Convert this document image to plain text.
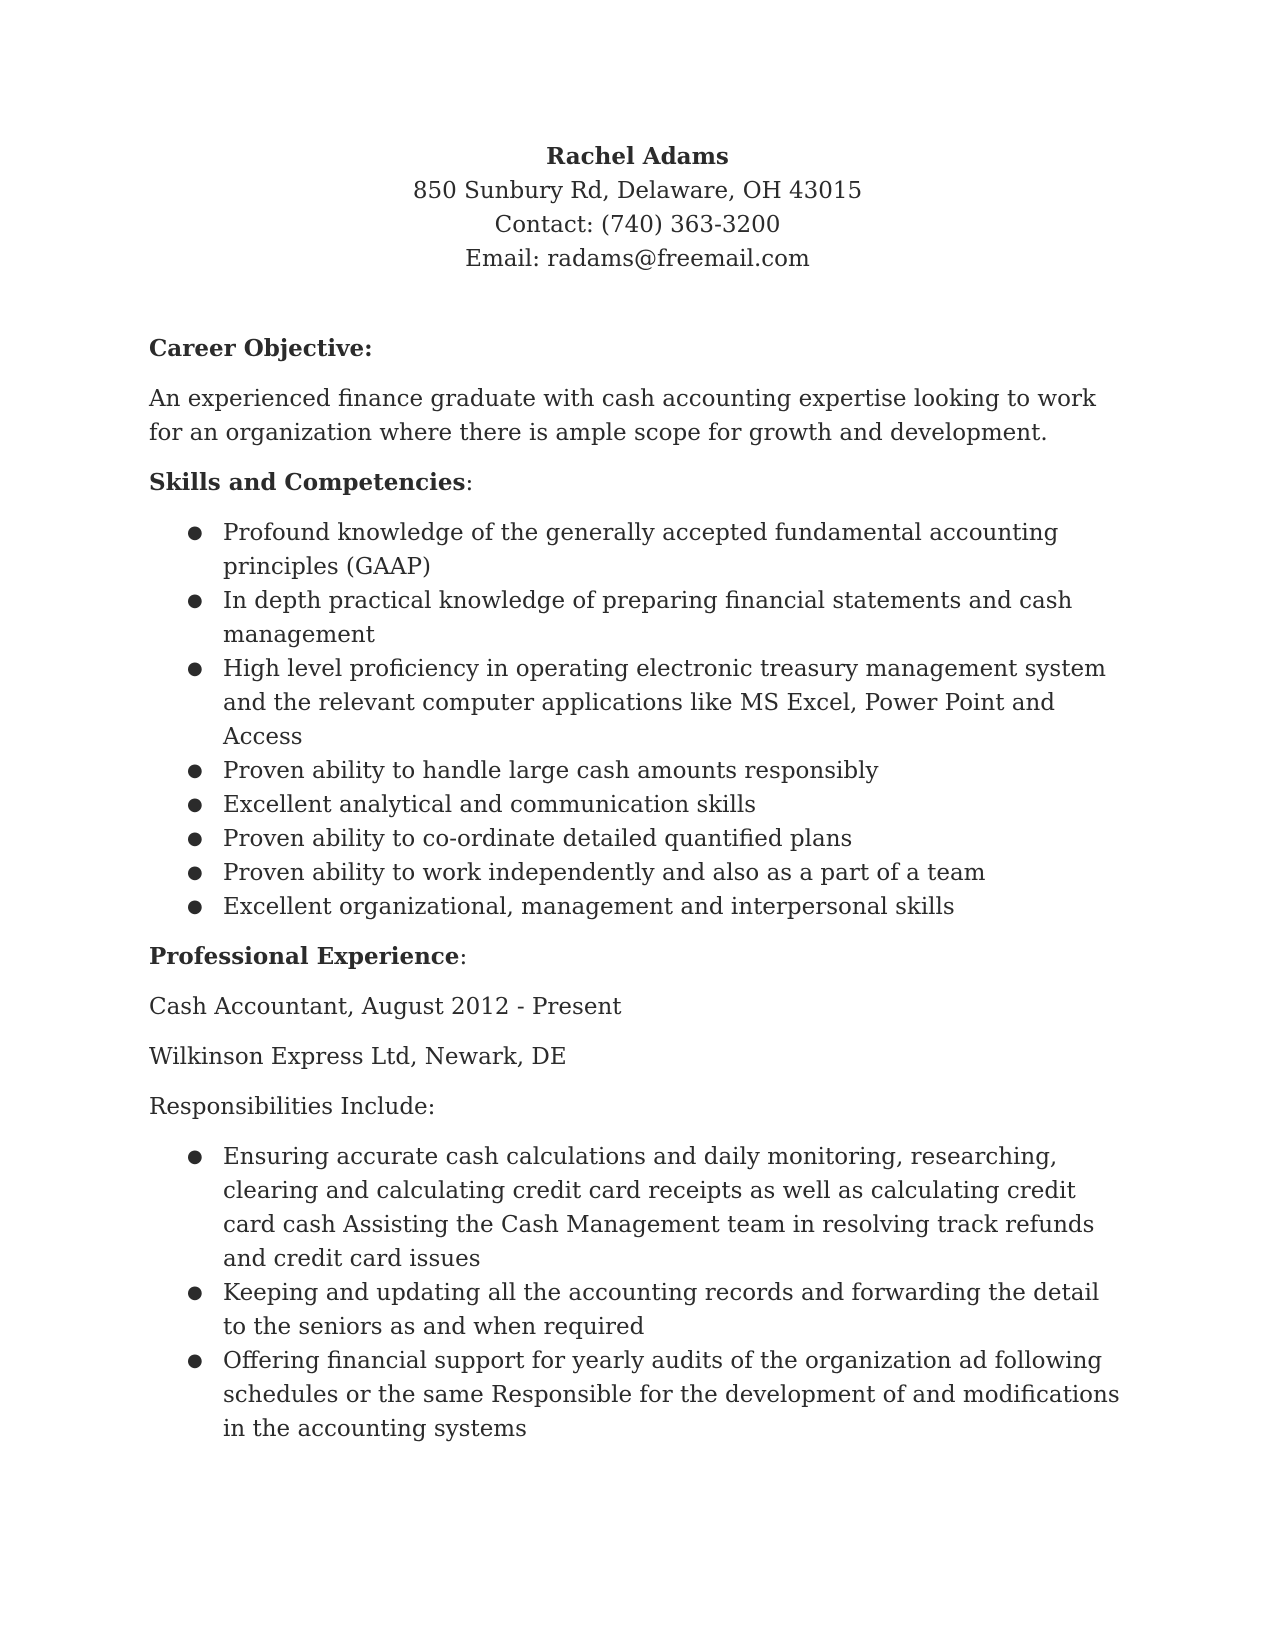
Rachel Adams
850 Sunbury Rd, Delaware, OH 43015
Contact: (740) 363-3200
Email: radams@freemail.com
Career Objective:

An experienced finance graduate with cash accounting expertise looking to work for an organization where there is ample scope for growth and development.

Skills and Competencies:
● Profound knowledge of the generally accepted fundamental accounting principles (GAAP)
● In depth practical knowledge of preparing financial statements and cash management
● High level proficiency in operating electronic treasury management system and the relevant computer applications like MS Excel, Power Point and Access
● Proven ability to handle large cash amounts responsibly
● Excellent analytical and communication skills
● Proven ability to co-ordinate detailed quantified plans
● Proven ability to work independently and also as a part of a team
● Excellent organizational, management and interpersonal skills
Professional Experience:

Cash Accountant, August 2012 - Present

Wilkinson Express Ltd, Newark, DE

Responsibilities Include:

● Ensuring accurate cash calculations and daily monitoring, researching, clearing and calculating credit card receipts as well as calculating credit card cash Assisting the Cash Management team in resolving track refunds and credit card issues
● Keeping and updating all the accounting records and forwarding the detail to the seniors as and when required
● Offering financial support for yearly audits of the organization ad following schedules or the same Responsible for the development of and modifications in the accounting systems
